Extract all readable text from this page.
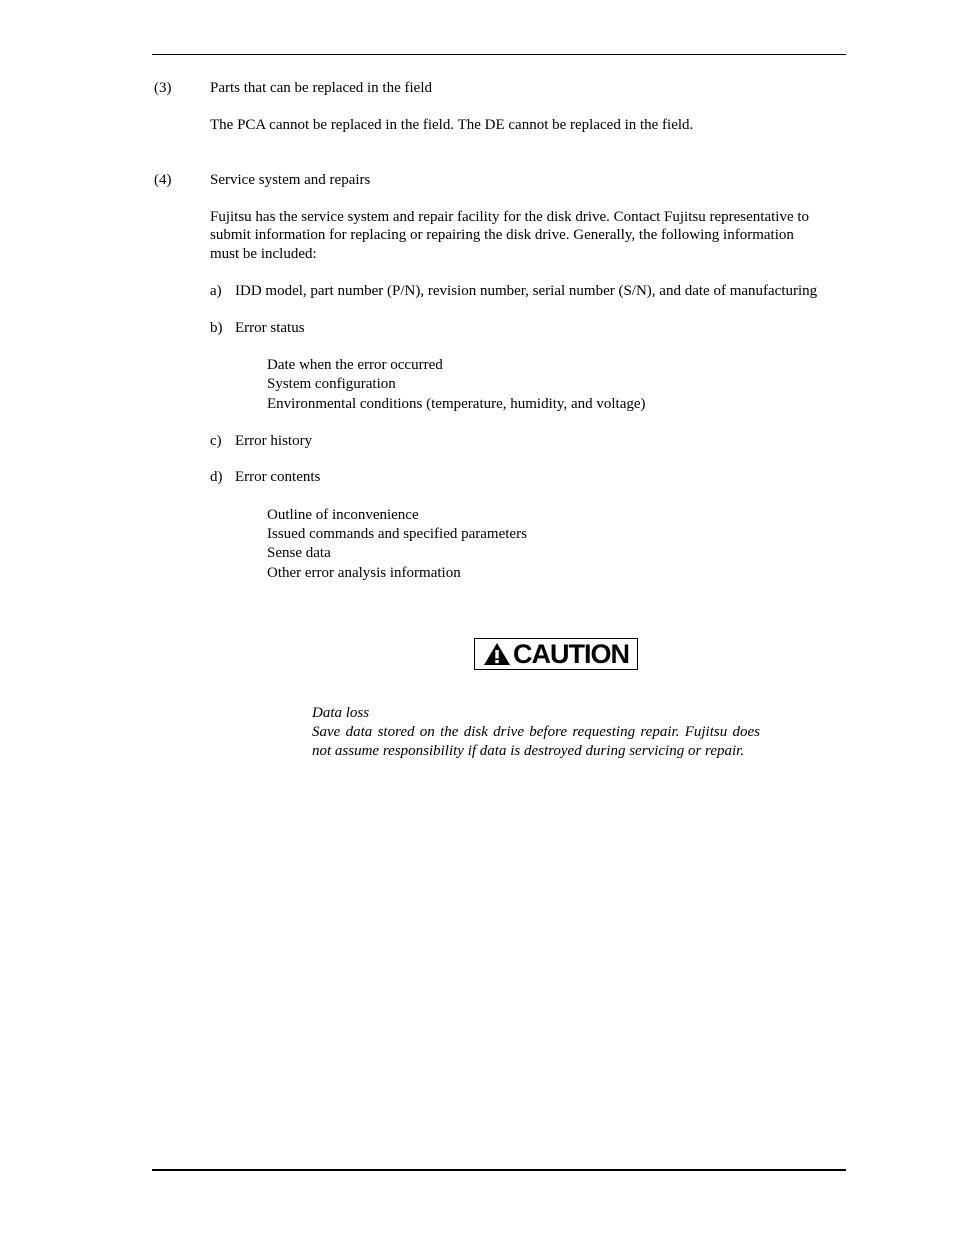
(3)	Parts that can be replaced in the field
The PCA cannot be replaced in the field. The DE cannot be replaced in the field.
(4)	Service system and repairs
Fujitsu has the service system and repair facility for the disk drive. Contact Fujitsu representative to
submit information for replacing or repairing the disk drive. Generally, the following information
must be included:
a) IDD model, part number (P/N), revision number, serial number (S/N), and date of manufacturing
b) Error status
Date when the error occurred
System configuration
Environmental conditions (temperature, humidity, and voltage)
c) Error history
d) Error contents
Outline of inconvenience
Issued commands and specified parameters
Sense data
Other error analysis information
CAUTION
Data loss
Save data stored on the disk drive before requesting repair. Fujitsu does not assume responsibility if data is destroyed during servicing or repair.
